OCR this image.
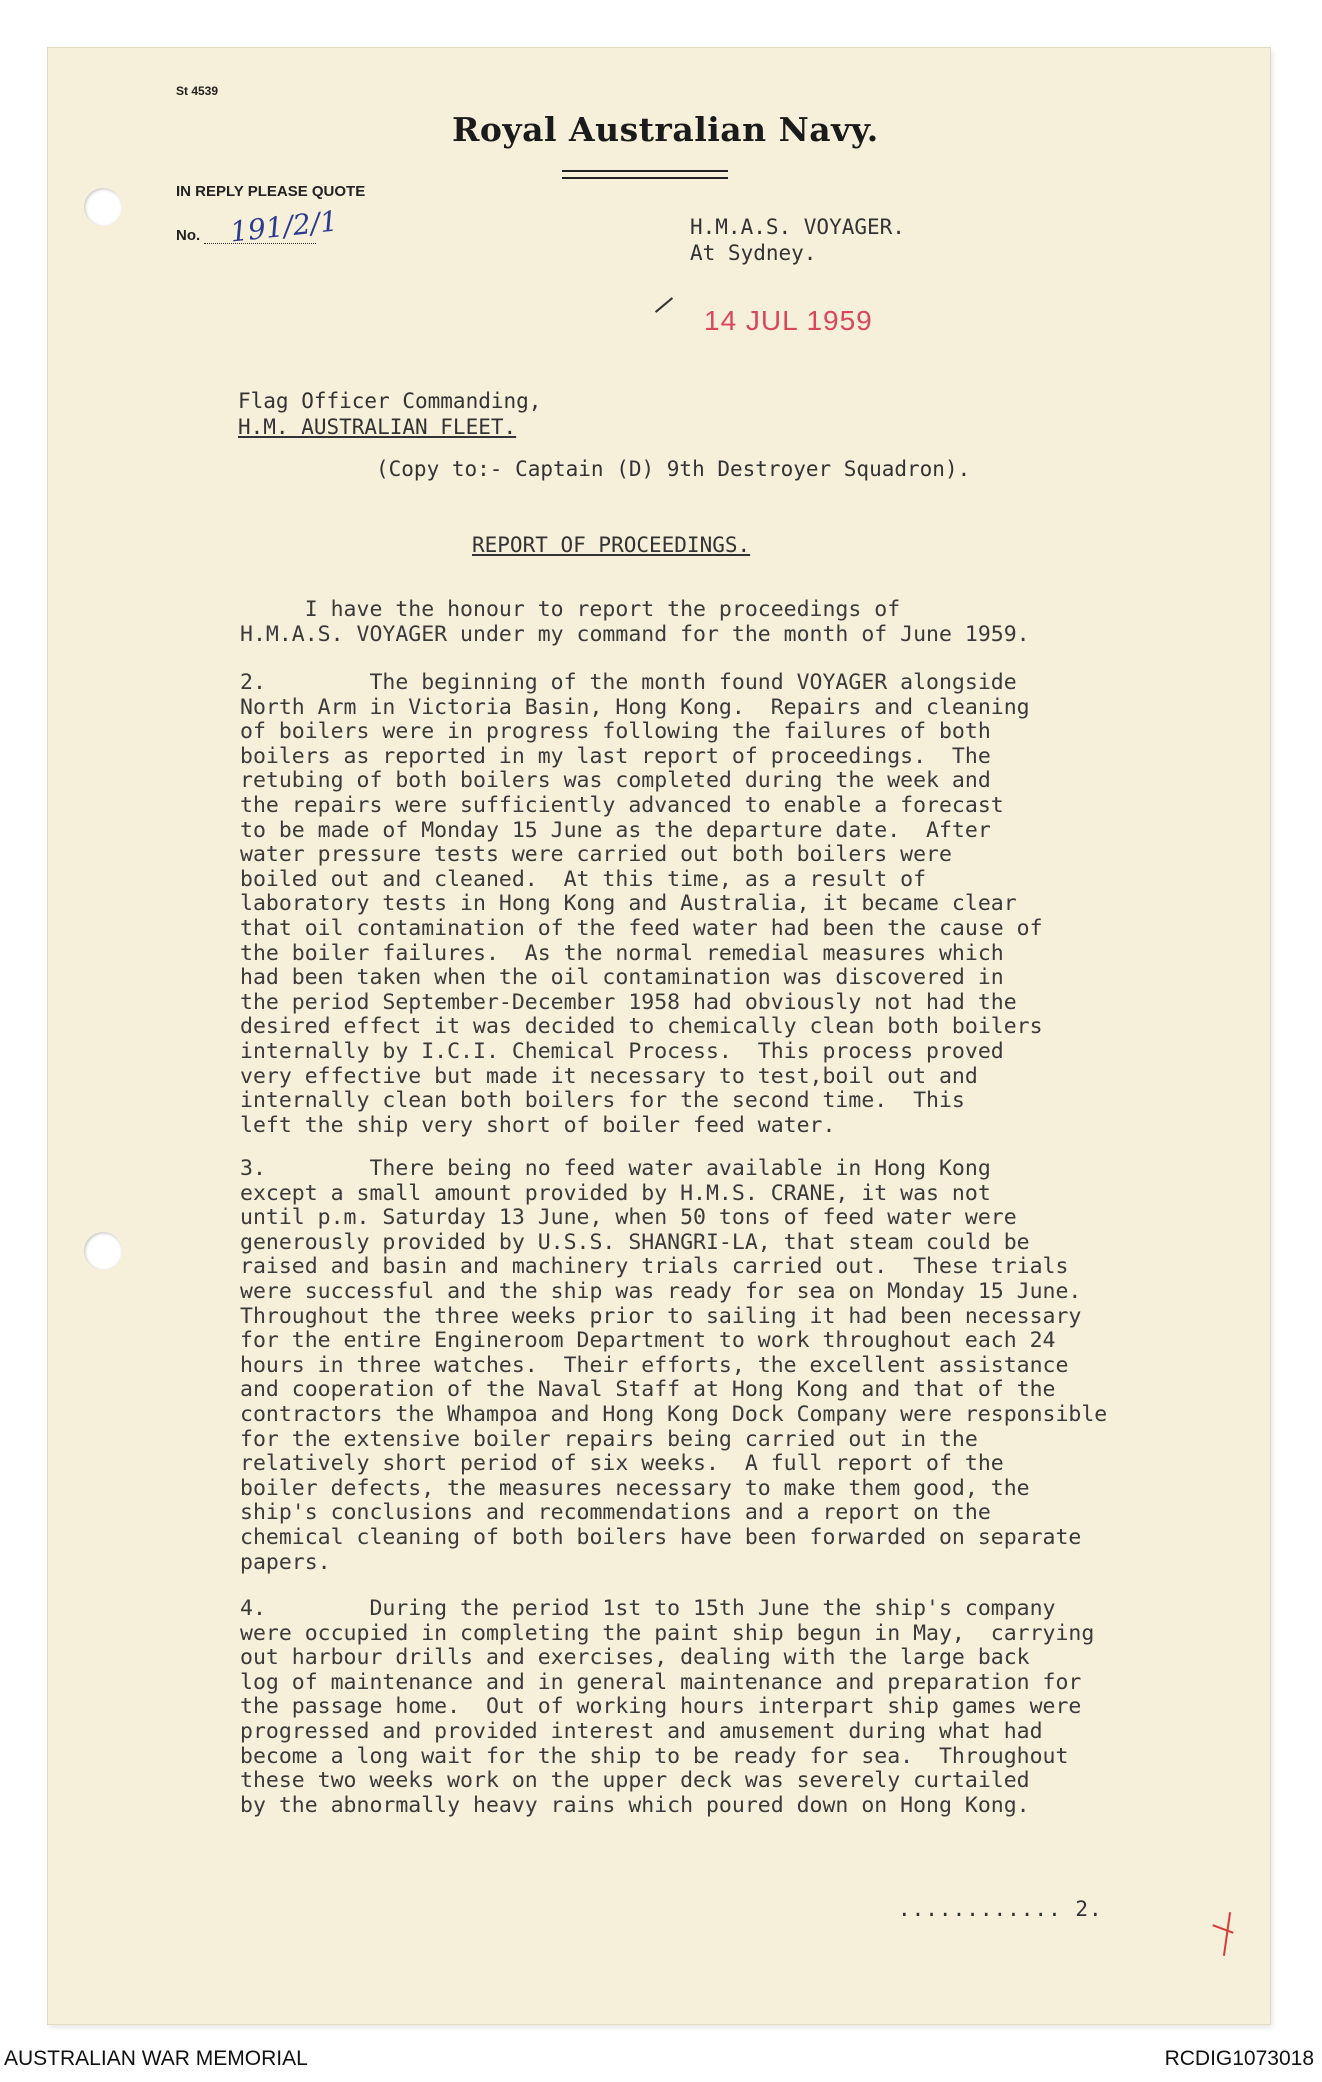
St 4539
Royal Australian Navy.
IN REPLY PLEASE QUOTE
No. 191/2/1	H.M.A.S. VOYAGER.
At Sydney.
14 JUL 1959
Flag Officer Commanding,
H.M. AUSTRALIAN FLEET.
(Copy to:- Captain (D) 9th Destroyer Squadron).
REPORT OF PROCEEDINGS.
I have the honour to report the proceedings of
H.M.A.S. VOYAGER under my command for the month of June 1959.
2.        The beginning of the month found VOYAGER alongside
North Arm in Victoria Basin, Hong Kong.  Repairs and cleaning
of boilers were in progress following the failures of both
boilers as reported in my last report of proceedings.  The
retubing of both boilers was completed during the week and
the repairs were sufficiently advanced to enable a forecast
to be made of Monday 15 June as the departure date.  After
water pressure tests were carried out both boilers were
boiled out and cleaned.  At this time, as a result of
laboratory tests in Hong Kong and Australia, it became clear
that oil contamination of the feed water had been the cause of
the boiler failures.  As the normal remedial measures which
had been taken when the oil contamination was discovered in
the period September-December 1958 had obviously not had the
desired effect it was decided to chemically clean both boilers
internally by I.C.I. Chemical Process.  This process proved
very effective but made it necessary to test,boil out and
internally clean both boilers for the second time.  This
left the ship very short of boiler feed water.
3.        There being no feed water available in Hong Kong
except a small amount provided by H.M.S. CRANE, it was not
until p.m. Saturday 13 June, when 50 tons of feed water were
generously provided by U.S.S. SHANGRI-LA, that steam could be
raised and basin and machinery trials carried out.  These trials
were successful and the ship was ready for sea on Monday 15 June.
Throughout the three weeks prior to sailing it had been necessary
for the entire Engineroom Department to work throughout each 24
hours in three watches.  Their efforts, the excellent assistance
and cooperation of the Naval Staff at Hong Kong and that of the
contractors the Whampoa and Hong Kong Dock Company were responsible
for the extensive boiler repairs being carried out in the
relatively short period of six weeks.  A full report of the
boiler defects, the measures necessary to make them good, the
ship's conclusions and recommendations and a report on the
chemical cleaning of both boilers have been forwarded on separate
papers.
4.        During the period 1st to 15th June the ship's company
were occupied in completing the paint ship begun in May,  carrying
out harbour drills and exercises, dealing with the large back
log of maintenance and in general maintenance and preparation for
the passage home.  Out of working hours interpart ship games were
progressed and provided interest and amusement during what had
become a long wait for the ship to be ready for sea.  Throughout
these two weeks work on the upper deck was severely curtailed
by the abnormally heavy rains which poured down on Hong Kong.
............ 2.
AUSTRALIAN WAR MEMORIAL	RCDIG1073018
